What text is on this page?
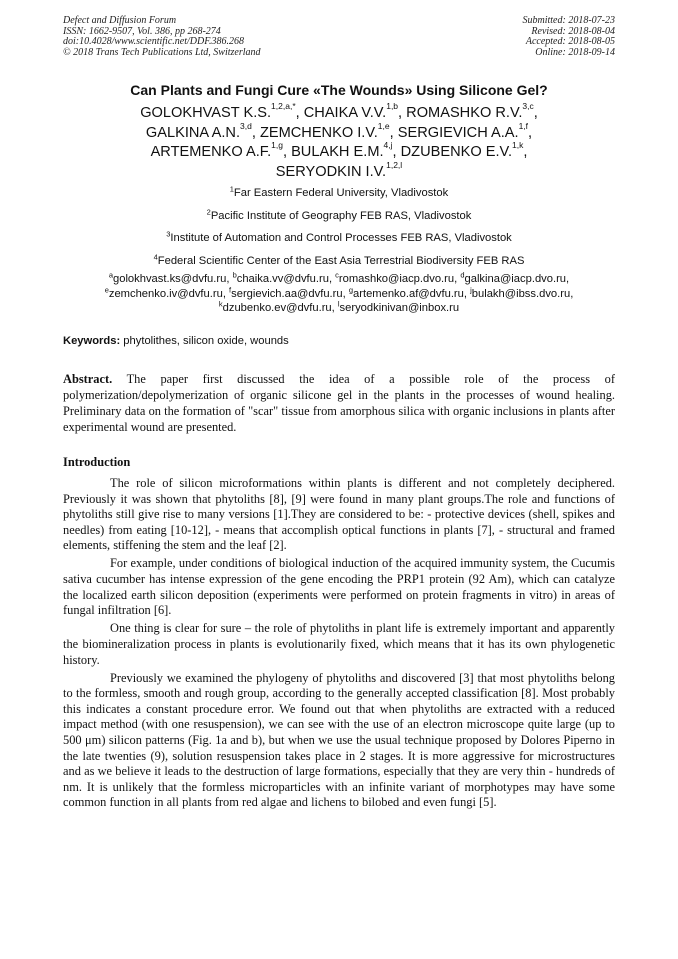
Defect and Diffusion Forum
ISSN: 1662-9507, Vol. 386, pp 268-274
doi:10.4028/www.scientific.net/DDF.386.268
© 2018 Trans Tech Publications Ltd, Switzerland
Submitted: 2018-07-23
Revised: 2018-08-04
Accepted: 2018-08-05
Online: 2018-09-14
Can Plants and Fungi Cure «The Wounds» Using Silicone Gel?
GOLOKHVAST K.S.$^{1,2,a,*}$, CHAIKA V.V.$^{1,b}$, ROMASHKO R.V.$^{3,c}$,
GALKINA A.N.$^{3,d}$, ZEMCHENKO I.V.$^{1,e}$, SERGIEVICH A.A.$^{1,f}$,
ARTEMENKO A.F.$^{1,g}$, BULAKH E.M.$^{4,j}$, DZUBENKO E.V.$^{1,k}$,
SERYODKIN I.V.$^{1,2,l}$
$^1$Far Eastern Federal University, Vladivostok
$^2$Pacific Institute of Geography FEB RAS, Vladivostok
$^3$Institute of Automation and Control Processes FEB RAS, Vladivostok
$^4$Federal Scientific Center of the East Asia Terrestrial Biodiversity FEB RAS
$^a$golokhvast.ks@dvfu.ru, $^b$chaika.vv@dvfu.ru, $^c$romashko@iacp.dvo.ru, $^d$galkina@iacp.dvo.ru,
$^e$zemchenko.iv@dvfu.ru, $^f$sergievich.aa@dvfu.ru, $^g$artemenko.af@dvfu.ru, $^j$bulakh@ibss.dvo.ru,
$^k$dzubenko.ev@dvfu.ru, $^l$seryodkinivan@inbox.ru
Keywords: phytolithes, silicon oxide, wounds
Abstract. The paper first discussed the idea of a possible role of the process of polymerization/depolymerization of organic silicone gel in the plants in the processes of wound healing. Preliminary data on the formation of "scar" tissue from amorphous silica with organic inclusions in plants after experimental wound are presented.
Introduction

The role of silicon microformations within plants is different and not completely deciphered. Previously it was shown that phytoliths [8], [9] were found in many plant groups.The role and functions of phytoliths still give rise to many versions [1].They are considered to be: - protective devices (shell, spikes and needles) from eating [10-12], - means that accomplish optical functions in plants [7], - structural and framed elements, stiffening the stem and the leaf [2].

For example, under conditions of biological induction of the acquired immunity system, the Cucumis sativa cucumber has intense expression of the gene encoding the PRP1 protein (92 Am), which can catalyze the localized earth silicon deposition (experiments were performed on protein fragments in vitro) in areas of fungal infiltration [6].

One thing is clear for sure – the role of phytoliths in plant life is extremely important and apparently the biomineralization process in plants is evolutionarily fixed, which means that it has its own phylogenetic history.

Previously we examined the phylogeny of phytoliths and discovered [3] that most phytoliths belong to the formless, smooth and rough group, according to the generally accepted classification [8]. Most probably this indicates a constant procedure error. We found out that when phytoliths are extracted with a reduced impact method (with one resuspension), we can see with the use of an electron microscope quite large (up to 500 μm) silicon patterns (Fig. 1a and b), but when we use the usual technique proposed by Dolores Piperno in the late twenties (9), solution resuspension takes place in 2 stages. It is more aggressive for microstructures and as we believe it leads to the destruction of large formations, especially that they are very thin - hundreds of nm. It is unlikely that the formless microparticles with an infinite variant of morphotypes may have some common function in all plants from red algae and lichens to bilobed and even fungi [5].
